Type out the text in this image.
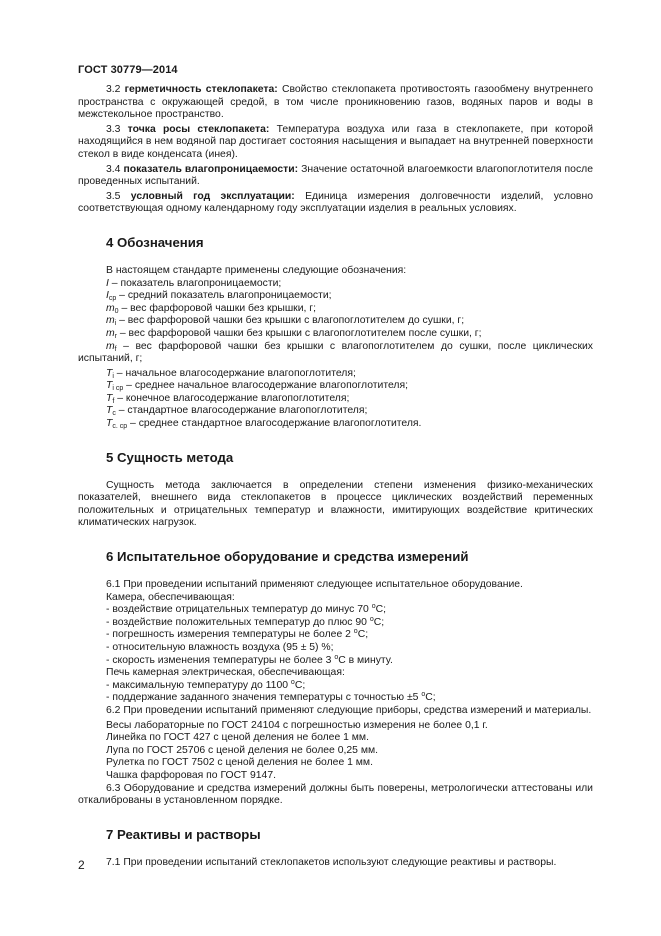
ГОСТ 30779—2014

3.2 герметичность стеклопакета: Свойство стеклопакета противостоять газообмену внутреннего пространства с окружающей средой, в том числе проникновению газов, водяных паров и воды в межстекольное пространство.

3.3 точка росы стеклопакета: Температура воздуха или газа в стеклопакете, при которой находящийся в нем водяной пар достигает состояния насыщения и выпадает на внутренней поверхности стекол в виде конденсата (инея).

3.4 показатель влагопроницаемости: Значение остаточной влагоемкости влагопоглотителя после проведенных испытаний.

3.5 условный год эксплуатации: Единица измерения долговечности изделий, условно соответствующая одному календарному году эксплуатации изделия в реальных условиях.

4 Обозначения

В настоящем стандарте применены следующие обозначения:

I – показатель влагопроницаемости;

$I_{ср}$ – средний показатель влагопроницаемости;

$m_0$ – вес фарфоровой чашки без крышки, г;

$m_i$ – вес фарфоровой чашки без крышки с влагопоглотителем до сушки, г;

$m_r$ – вес фарфоровой чашки без крышки с влагопоглотителем после сушки, г;

$m_f$ – вес фарфоровой чашки без крышки с влагопоглотителем до сушки, после циклических испытаний, г;

$T_i$ – начальное влагосодержание влагопоглотителя;

$T_{i ср}$ – среднее начальное влагосодержание влагопоглотителя;

$T_f$ – конечное влагосодержание влагопоглотителя;

$T_c$ – стандартное влагосодержание влагопоглотителя;

$T_{c. ср}$ – среднее стандартное влагосодержание влагопоглотителя.

5 Сущность метода

Сущность метода заключается в определении степени изменения физико-механических показателей, внешнего вида стеклопакетов в процессе циклических воздействий переменных положительных и отрицательных температур и влажности, имитирующих воздействие критических климатических нагрузок.

6 Испытательное оборудование и средства измерений

6.1 При проведении испытаний применяют следующее испытательное оборудование.

Камера, обеспечивающая:

- воздействие отрицательных температур до минус 70 $^о$С;

- воздействие положительных температур до плюс 90 $^о$С;

- погрешность измерения температуры не более 2 $^о$С;

- относительную влажность воздуха (95 ± 5) %;

- скорость изменения температуры не более 3 $^о$С в минуту.

Печь камерная электрическая, обеспечивающая:

- максимальную температуру до 1100 $^о$С;

- поддержание заданного значения температуры с точностью ±5 $^о$С;

6.2 При проведении испытаний применяют следующие приборы, средства измерений и материалы.

Весы лабораторные по ГОСТ 24104 с погрешностью измерения не более 0,1 г.

Линейка по ГОСТ 427 с ценой деления не более 1 мм.

Лупа по ГОСТ 25706 с ценой деления не более 0,25 мм.

Рулетка по ГОСТ 7502 с ценой деления не более 1 мм.

Чашка фарфоровая по ГОСТ 9147.

6.3 Оборудование и средства измерений должны быть поверены, метрологически аттестованы или откалиброваны в установленном порядке.

7 Реактивы и растворы

7.1 При проведении испытаний стеклопакетов используют следующие реактивы и растворы.

2
